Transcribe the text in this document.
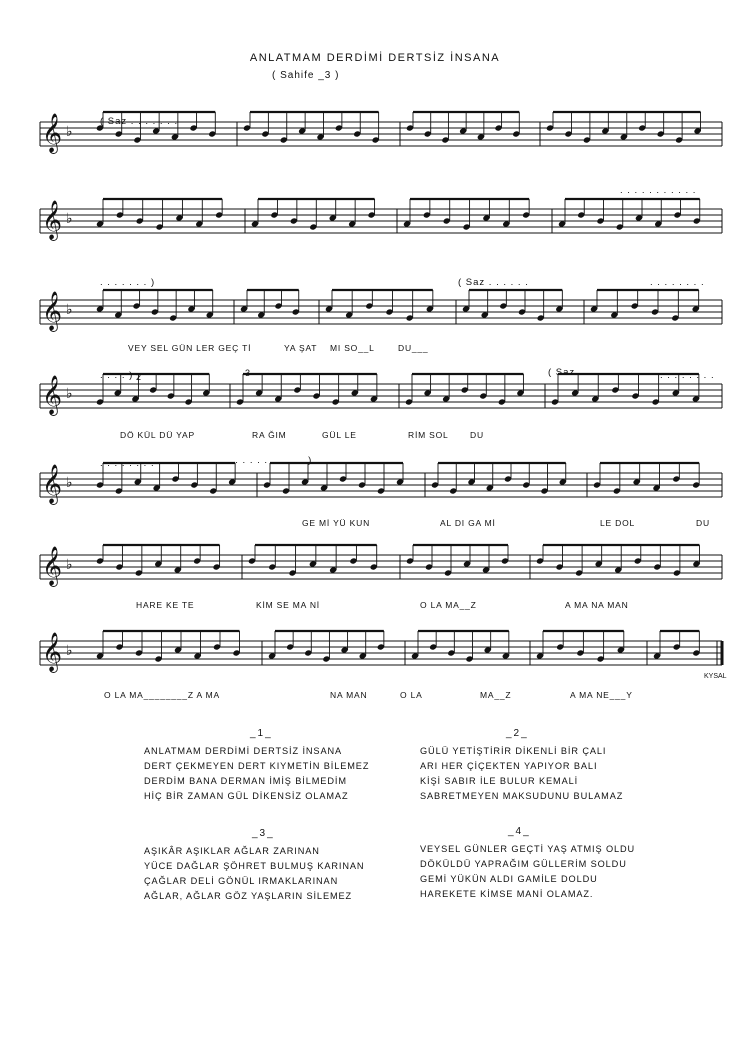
ANLATMAM DERDİMİ DERTSİZ İNSANA
( Sahife _3 )
𝄞 ♭
𝄞 ♭
𝄞 ♭
𝄞 ♭
𝄞 ♭
𝄞 ♭
𝄞 ♭
( Saz . . . . . . .
. . . . . . . . . . .
. . . . . . . )	( Saz . . . . . .	. . . . . . . .
. . . . )	( Saz . . . . .	. . . . . . . .
. . . . . . . .	. . . . . . . . . . . )
2	3
VEY SEL GÜN LER GEÇ Tİ	YA ŞAT MI SO__L	DU___
DÖ KÜL DÜ YAP	RA ĞIM	GÜL LE	RİM SOL	DU
GE Mİ YÜ KUN	AL DI GA Mİ	LE DOL	DU
HARE KE TE	KİM SE MA Nİ	O LA MA__Z	A MA NA MAN
O LA MA________Z A MA	NA MAN	O LA	MA__Z	A MA NE___Y
KYSAL
_1_
ANLATMAM DERDİMİ DERTSİZ İNSANA
DERT ÇEKMEYEN DERT KIYMETİN BİLEMEZ
DERDİM BANA DERMAN İMİŞ BİLMEDİM
HİÇ BİR ZAMAN GÜL DİKENSİZ OLAMAZ
_2_
GÜLÜ YETİŞTİRİR DİKENLİ BİR ÇALI
ARI HER ÇİÇEKTEN YAPIYOR BALI
KİŞİ SABIR İLE BULUR KEMALİ
SABRETMEYEN MAKSUDUNU BULAMAZ
_3_
AŞIKÂR AŞIKLAR AĞLAR ZARINAN
YÜCE DAĞLAR ŞÖHRET BULMUŞ KARINAN
ÇAĞLAR DELİ GÖNÜL IRMAKLARINAN
AĞLAR, AĞLAR GÖZ YAŞLARIN SİLEMEZ
_4_
VEYSEL GÜNLER GEÇTİ YAŞ ATMIŞ OLDU
DÖKÜLDÜ YAPRAĞIM GÜLLERİM SOLDU
GEMİ YÜKÜN ALDI GAMİLE DOLDU
HAREKETE KİMSE MANİ OLAMAZ.
